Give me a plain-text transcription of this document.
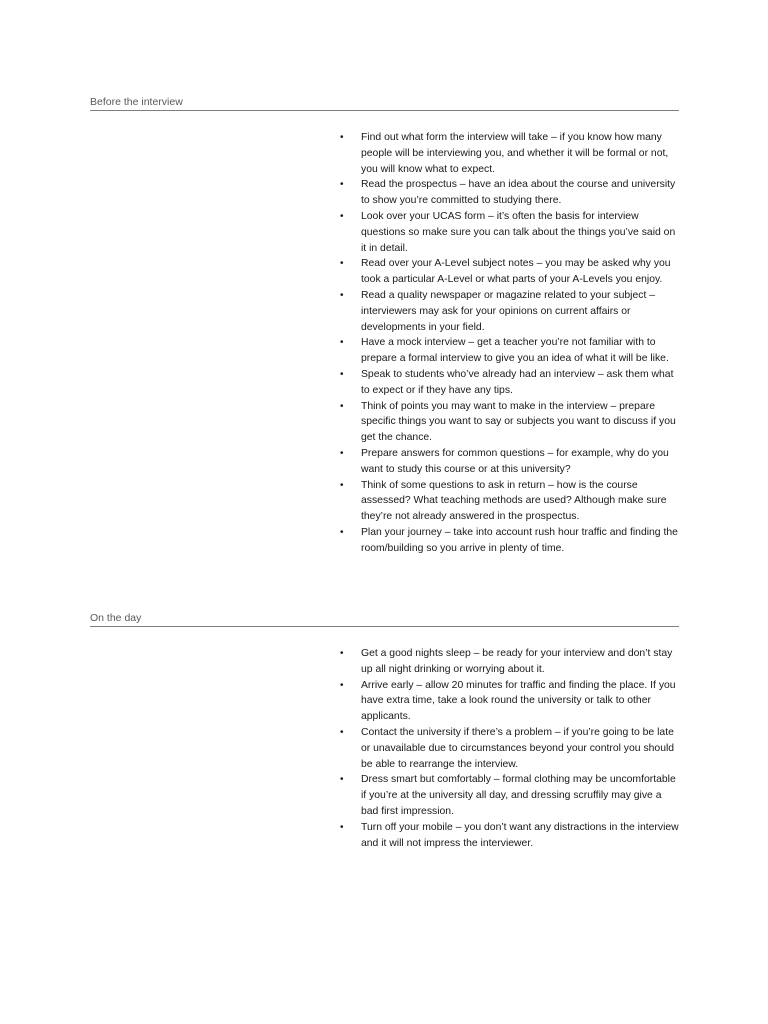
Before the interview
• Find out what form the interview will take – if you know how many people will be interviewing you, and whether it will be formal or not, you will know what to expect.
• Read the prospectus – have an idea about the course and university to show you’re committed to studying there.
• Look over your UCAS form – it’s often the basis for interview questions so make sure you can talk about the things you’ve said on it in detail.
• Read over your A-Level subject notes – you may be asked why you took a particular A-Level or what parts of your A-Levels you enjoy.
• Read a quality newspaper or magazine related to your subject – interviewers may ask for your opinions on current affairs or developments in your field.
• Have a mock interview – get a teacher you’re not familiar with to prepare a formal interview to give you an idea of what it will be like.
• Speak to students who’ve already had an interview – ask them what to expect or if they have any tips.
• Think of points you may want to make in the interview – prepare specific things you want to say or subjects you want to discuss if you get the chance.
• Prepare answers for common questions – for example, why do you want to study this course or at this university?
• Think of some questions to ask in return – how is the course assessed? What teaching methods are used? Although make sure they’re not already answered in the prospectus.
• Plan your journey – take into account rush hour traffic and finding the room/building so you arrive in plenty of time.
On the day
• Get a good nights sleep – be ready for your interview and don’t stay up all night drinking or worrying about it.
• Arrive early – allow 20 minutes for traffic and finding the place. If you have extra time, take a look round the university or talk to other applicants.
• Contact the university if there’s a problem – if you’re going to be late or unavailable due to circumstances beyond your control you should be able to rearrange the interview.
• Dress smart but comfortably – formal clothing may be uncomfortable if you’re at the university all day, and dressing scruffily may give a bad first impression.
• Turn off your mobile – you don’t want any distractions in the interview and it will not impress the interviewer.
